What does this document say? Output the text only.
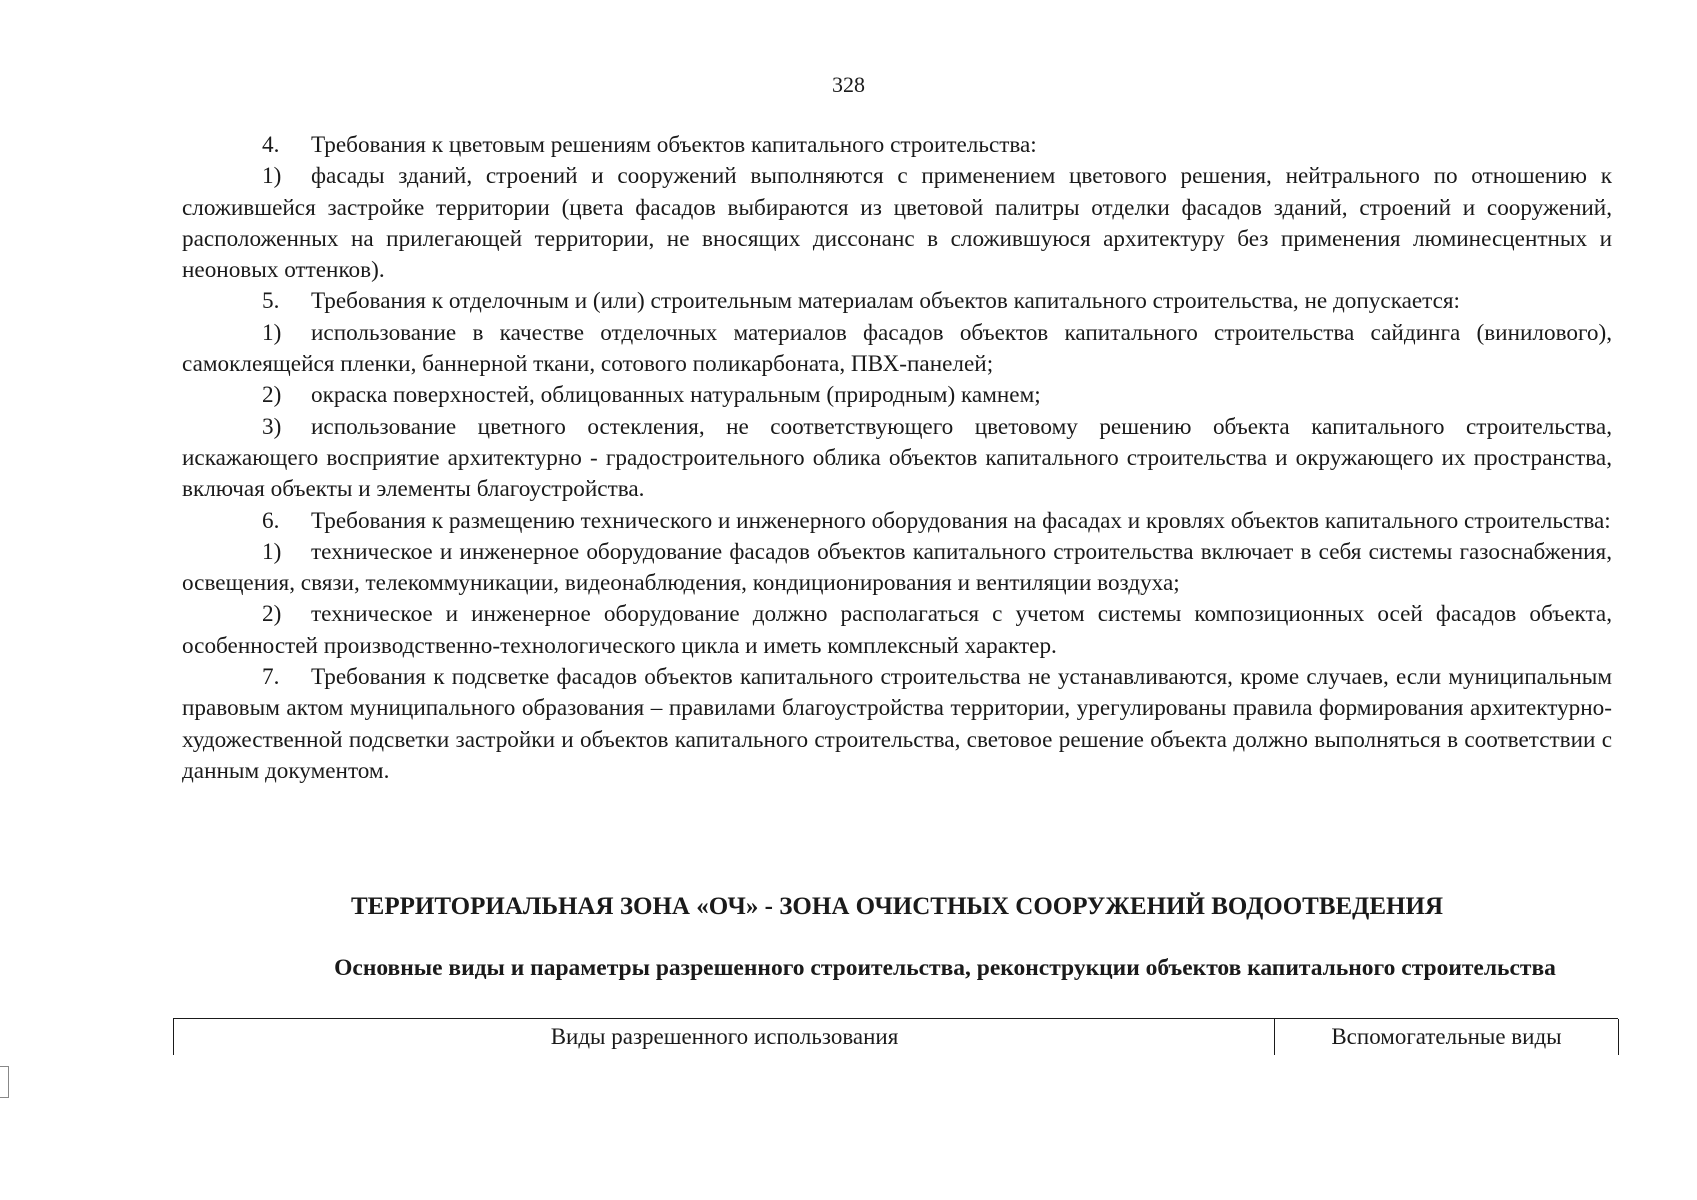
328

4. Требования к цветовым решениям объектов капитального строительства:

1) фасады зданий, строений и сооружений выполняются с применением цветового решения, нейтрального по отношению к сложившейся застройке территории (цвета фасадов выбираются из цветовой палитры отделки фасадов зданий, строений и сооружений, расположенных на прилегающей территории, не вносящих диссонанс в сложившуюся архитектуру без применения люминесцентных и неоновых оттенков).

5. Требования к отделочным и (или) строительным материалам объектов капитального строительства, не допускается:

1) использование в качестве отделочных материалов фасадов объектов капитального строительства сайдинга (винилового), самоклеящейся пленки, баннерной ткани, сотового поликарбоната, ПВХ-панелей;

2) окраска поверхностей, облицованных натуральным (природным) камнем;

3) использование цветного остекления, не соответствующего цветовому решению объекта капитального строительства, искажающего восприятие архитектурно - градостроительного облика объектов капитального строительства и окружающего их пространства, включая объекты и элементы благоустройства.

6. Требования к размещению технического и инженерного оборудования на фасадах и кровлях объектов капитального строительства:

1) техническое и инженерное оборудование фасадов объектов капитального строительства включает в себя системы газоснабжения, освещения, связи, телекоммуникации, видеонаблюдения, кондиционирования и вентиляции воздуха;

2) техническое и инженерное оборудование должно располагаться с учетом системы композиционных осей фасадов объекта, особенностей производственно-технологического цикла и иметь комплексный характер.

7. Требования к подсветке фасадов объектов капитального строительства не устанавливаются, кроме случаев, если муниципальным правовым актом муниципального образования – правилами благоустройства территории, урегулированы правила формирования архитектурно-художественной подсветки застройки и объектов капитального строительства, световое решение объекта должно выполняться в соответствии с данным документом.

ТЕРРИТОРИАЛЬНАЯ ЗОНА «ОЧ» - ЗОНА ОЧИСТНЫХ СООРУЖЕНИЙ ВОДООТВЕДЕНИЯ
Основные виды и параметры разрешенного строительства, реконструкции объектов капитального строительства
Виды разрешенного использования	Вспомогательные виды
